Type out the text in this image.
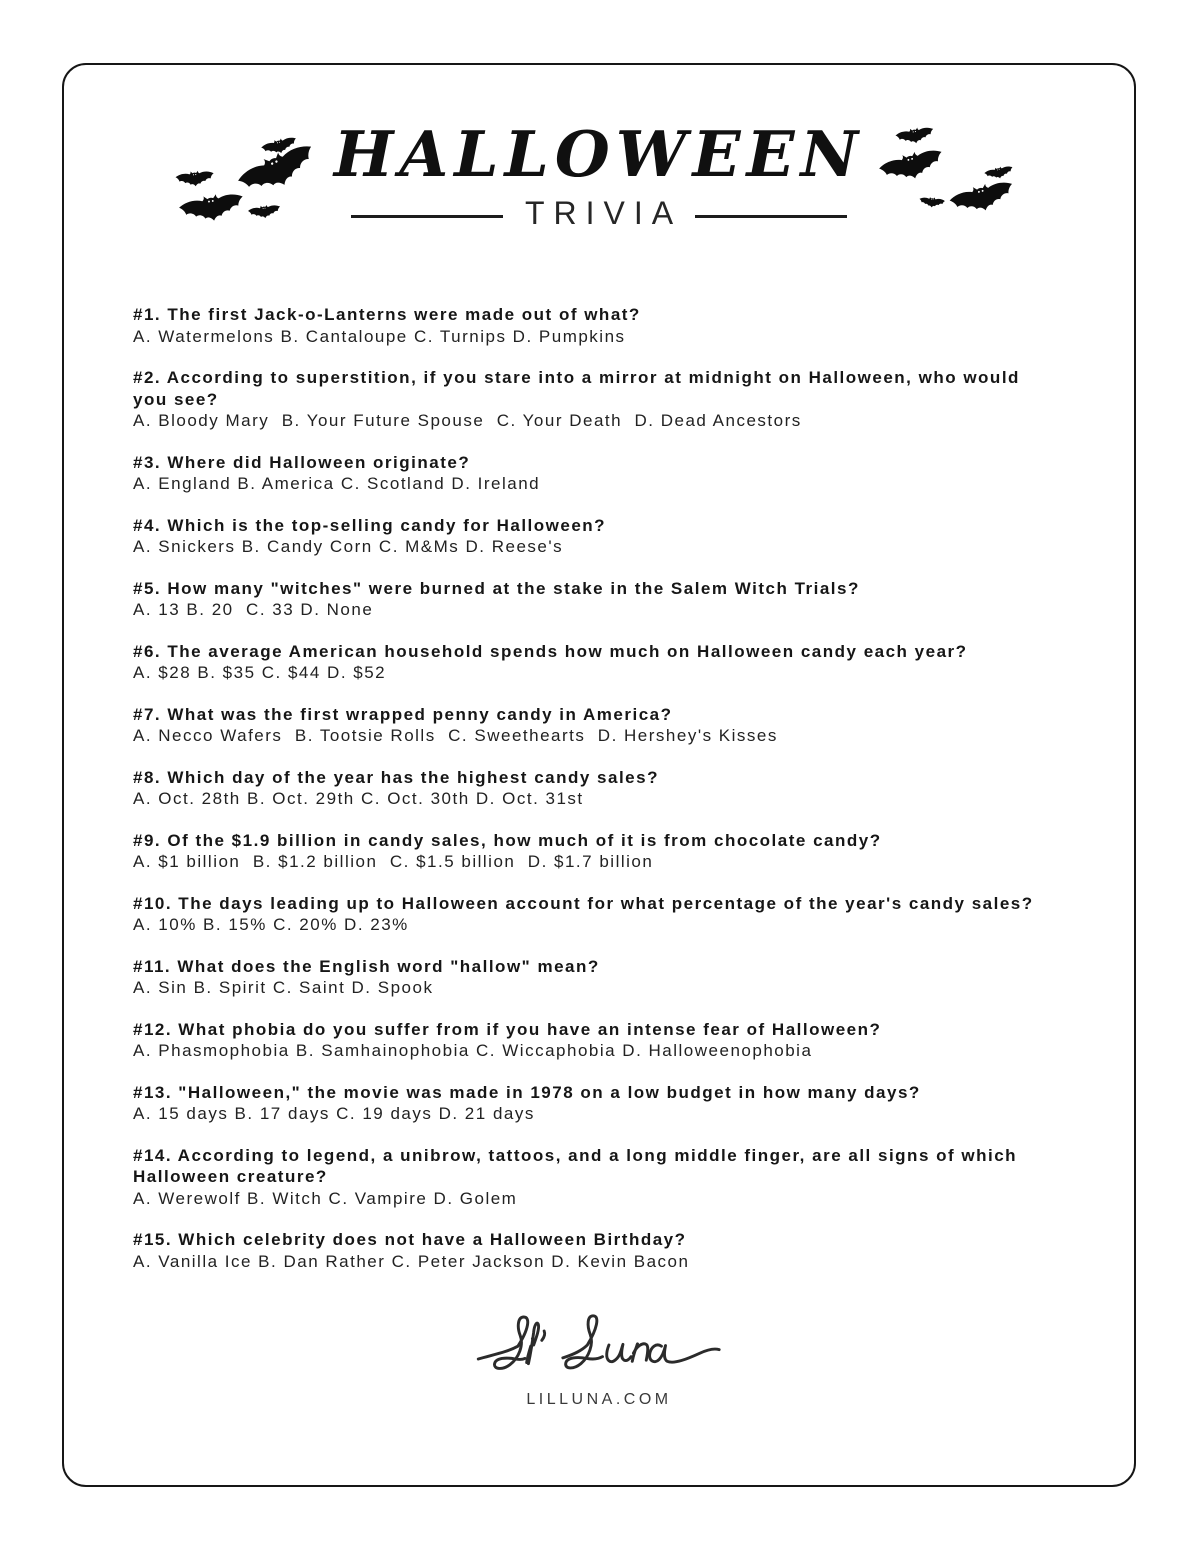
HALLOWEEN
TRIVIA

#1. The first Jack-o-Lanterns were made out of what?

A. Watermelons B. Cantaloupe C. Turnips D. Pumpkins

#2. According to superstition, if you stare into a mirror at midnight on Halloween, who would you see?

A. Bloody Mary  B. Your Future Spouse  C. Your Death  D. Dead Ancestors

#3. Where did Halloween originate?

A. England B. America C. Scotland D. Ireland

#4. Which is the top-selling candy for Halloween?

A. Snickers B. Candy Corn C. M&Ms D. Reese's

#5. How many "witches" were burned at the stake in the Salem Witch Trials?

A. 13 B. 20  C. 33 D. None

#6. The average American household spends how much on Halloween candy each year?

A. $28 B. $35 C. $44 D. $52

#7. What was the first wrapped penny candy in America?

A. Necco Wafers  B. Tootsie Rolls  C. Sweethearts  D. Hershey's Kisses

#8. Which day of the year has the highest candy sales?

A. Oct. 28th B. Oct. 29th C. Oct. 30th D. Oct. 31st

#9. Of the $1.9 billion in candy sales, how much of it is from chocolate candy?

A. $1 billion  B. $1.2 billion  C. $1.5 billion  D. $1.7 billion

#10. The days leading up to Halloween account for what percentage of the year's candy sales?

A. 10% B. 15% C. 20% D. 23%

#11. What does the English word "hallow" mean?

A. Sin B. Spirit C. Saint D. Spook

#12. What phobia do you suffer from if you have an intense fear of Halloween?

A. Phasmophobia B. Samhainophobia C. Wiccaphobia D. Halloweenophobia

#13. "Halloween," the movie was made in 1978 on a low budget in how many days?

A. 15 days B. 17 days C. 19 days D. 21 days

#14. According to legend, a unibrow, tattoos, and a long middle finger, are all signs of which Halloween creature?

A. Werewolf B. Witch C. Vampire D. Golem

#15. Which celebrity does not have a Halloween Birthday?

A. Vanilla Ice B. Dan Rather C. Peter Jackson D. Kevin Bacon

LILLUNA.COM
